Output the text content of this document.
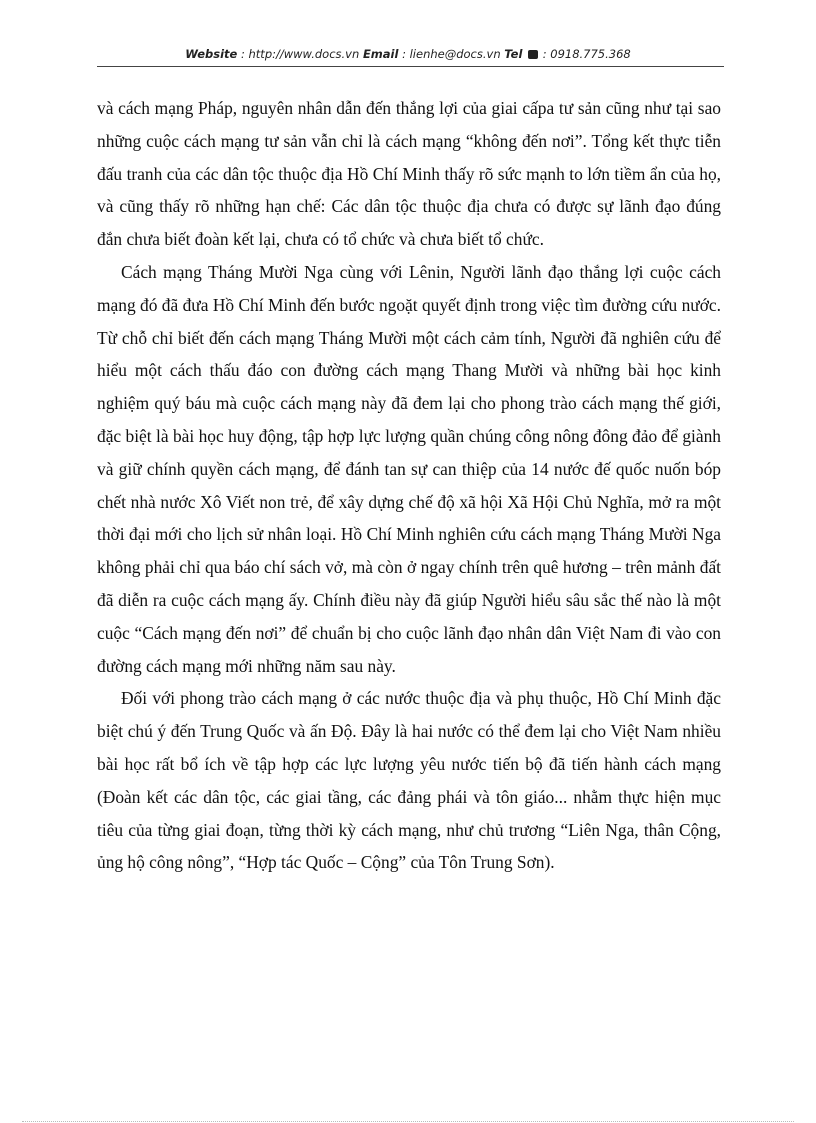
Website : http://www.docs.vn Email : lienhe@docs.vn Tel : 0918.775.368

và cách mạng Pháp, nguyên nhân dẫn đến thắng lợi của giai cấpa tư sản cũng như tại sao những cuộc cách mạng tư sản vẫn chỉ là cách mạng “không đến nơi”. Tổng kết thực tiễn đấu tranh của các dân tộc thuộc địa Hồ Chí Minh thấy rõ sức mạnh to lớn tiềm ẩn của họ, và cũng thấy rõ những hạn chế: Các dân tộc thuộc địa chưa có được sự lãnh đạo đúng đắn chưa biết đoàn kết lại, chưa có tổ chức và chưa biết tổ chức.

Cách mạng Tháng Mười Nga cùng với Lênin, Người lãnh đạo thắng lợi cuộc cách mạng đó đã đưa Hồ Chí Minh đến bước ngoặt quyết định trong việc tìm đường cứu nước. Từ chỗ chỉ biết đến cách mạng Tháng Mười một cách cảm tính, Người đã nghiên cứu để hiểu một cách thấu đáo con đường cách mạng Thang Mười và những bài học kinh nghiệm quý báu mà cuộc cách mạng này đã đem lại cho phong trào cách mạng thế giới, đặc biệt là bài học huy động, tập hợp lực lượng quần chúng công nông đông đảo để giành và giữ chính quyền cách mạng, để đánh tan sự can thiệp của 14 nước đế quốc nuốn bóp chết nhà nước Xô Viết non trẻ, để xây dựng chế độ xã hội Xã Hội Chủ Nghĩa, mở ra một thời đại mới cho lịch sử nhân loại. Hồ Chí Minh nghiên cứu cách mạng Tháng Mười Nga không phải chỉ qua báo chí sách vở, mà còn ở ngay chính trên quê hương – trên mảnh đất đã diễn ra cuộc cách mạng ấy. Chính điều này đã giúp Người hiểu sâu sắc thế nào là một cuộc “Cách mạng đến nơi” để chuẩn bị cho cuộc lãnh đạo nhân dân Việt Nam đi vào con đường cách mạng mới những năm sau này.

Đối với phong trào cách mạng ở các nước thuộc địa và phụ thuộc, Hồ Chí Minh đặc biệt chú ý đến Trung Quốc và ấn Độ. Đây là hai nước có thể đem lại cho Việt Nam nhiều bài học rất bổ ích về tập hợp các lực lượng yêu nước tiến bộ đã tiến hành cách mạng (Đoàn kết các dân tộc, các giai tầng, các đảng phái và tôn giáo... nhằm thực hiện mục tiêu của từng giai đoạn, từng thời kỳ cách mạng, như chủ trương “Liên Nga, thân Cộng, ủng hộ công nông”, “Hợp tác Quốc – Cộng” của Tôn Trung Sơn).
